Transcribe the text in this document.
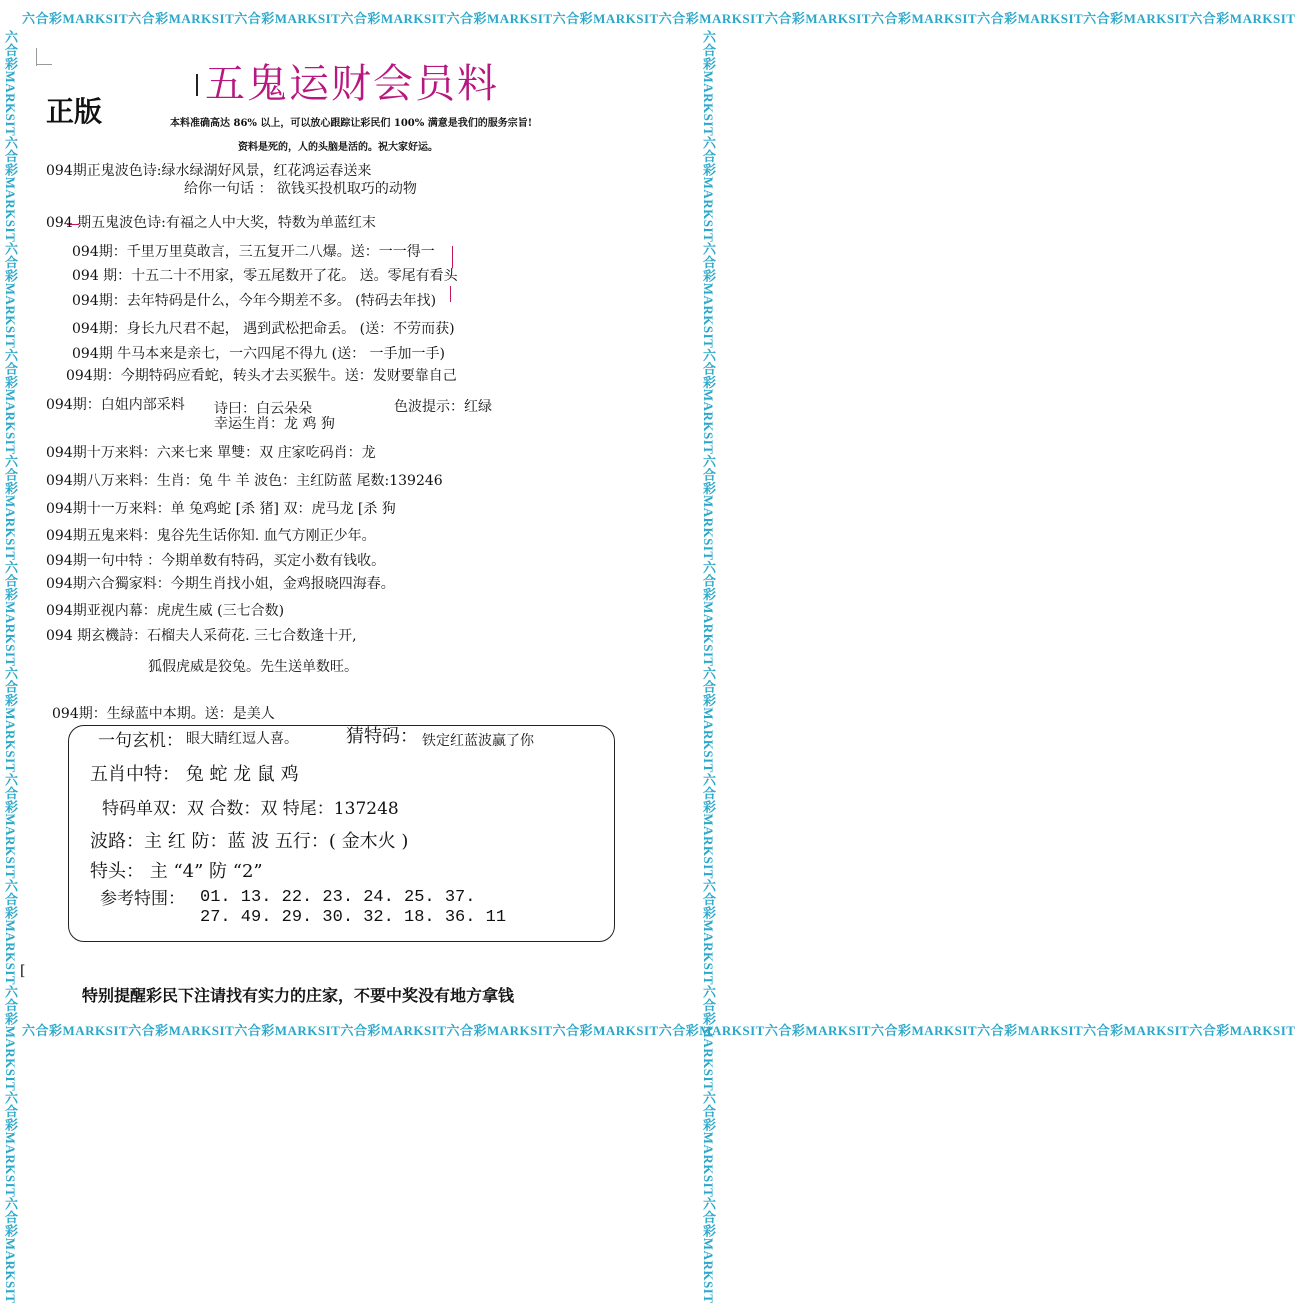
六合彩MARKSIT六合彩MARKSIT六合彩MARKSIT六合彩MARKSIT六合彩MARKSIT六合彩MARKSIT六合彩MARKSIT六合彩MARKSIT六合彩MARKSIT六合彩MARKSIT六合彩MARKSIT六合彩MARKSIT
六合彩MARKSIT六合彩MARKSIT六合彩MARKSIT六合彩MARKSIT六合彩MARKSIT六合彩MARKSIT六合彩MARKSIT六合彩MARKSIT六合彩MARKSIT六合彩MARKSIT六合彩MARKSIT六合彩MARKSIT
六合彩MARKSIT六合彩MARKSIT六合彩MARKSIT六合彩MARKSIT六合彩MARKSIT六合彩MARKSIT六合彩MARKSIT六合彩MARKSIT六合彩MARKSIT六合彩MARKSIT六合彩MARKSIT六合彩MARKSIT	六合彩MARKSIT六合彩MARKSIT六合彩MARKSIT六合彩MARKSIT六合彩MARKSIT六合彩MARKSIT六合彩MARKSIT六合彩MARKSIT六合彩MARKSIT六合彩MARKSIT六合彩MARKSIT六合彩MARKSIT
五鬼运财会员料
正版	本料准确高达 86% 以上，可以放心跟踪让彩民们 100% 满意是我们的服务宗旨!
资料是死的，人的头脑是活的。祝大家好运。
094期正鬼波色诗:绿水绿湖好风景，红花鸿运春送来
给你一句话 ： 欲钱买投机取巧的动物
094 期五鬼波色诗:有福之人中大奖，特数为单蓝红末
094期：千里万里莫敢言，三五复开二八爆。送：一一得一
094 期：十五二十不用家，零五尾数开了花。 送。零尾有看头
094期：去年特码是什么，今年今期差不多。 (特码去年找)
094期：身长九尺君不起， 遇到武松把命丢。 (送：不劳而获)
094期 牛马本来是亲七，一六四尾不得九 (送： 一手加一手)
094期：今期特码应看蛇，转头才去买猴牛。送：发财要靠自己
094期：白姐内部采料 诗曰：白云朵朵	色波提示：红绿
幸运生肖：龙 鸡 狗
094期十万来料：六来七来 單雙：双 庄家吃码肖：龙
094期八万来料：生肖：兔 牛 羊 波色：主红防蓝 尾数:139246
094期十一万来料：单 兔鸡蛇 [杀 猪] 双：虎马龙 [杀 狗
094期五鬼来料：鬼谷先生话你知. 血气方刚正少年。
094期一句中特 ：今期单数有特码，买定小数有钱收。
094期六合獨家料：今期生肖找小姐，金鸡报晓四海春。
094期亚视内幕：虎虎生威 (三七合数)
094 期玄機詩：石榴夫人采荷花. 三七合数逢十开,
狐假虎威是狡兔。先生送单数旺。
094期：生绿蓝中本期。送：是美人
一句玄机： 眼大睛红逗人喜。	猜特码： 铁定红蓝波赢了你
五肖中特： 兔 蛇 龙 鼠 鸡
特码单双：双 合数：双 特尾：137248
波路：主 红 防：蓝 波 五行：( 金木火 )
特头： 主 “4” 防 “2”
参考特围： 01. 13. 22. 23. 24. 25. 37.
27. 49. 29. 30. 32. 18. 36. 11
[
特别提醒彩民下注请找有实力的庄家，不要中奖没有地方拿钱
